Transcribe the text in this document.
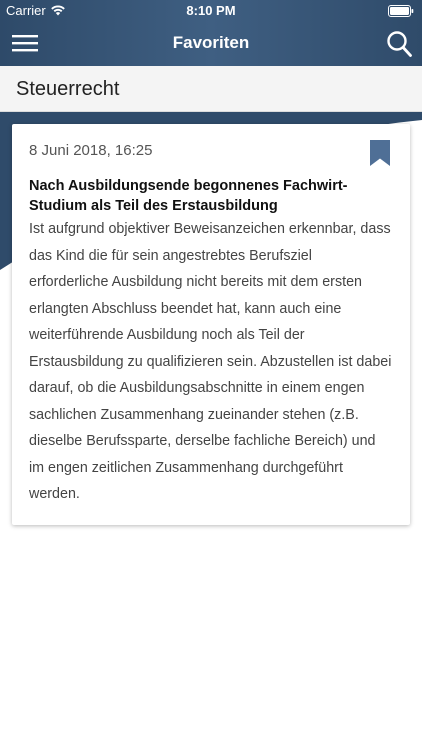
Carrier	8:10 PM
Favoriten
Steuerrecht
8 Juni 2018, 16:25
Nach Ausbildungsende begonnenes Fachwirt-Studium als Teil des Erstausbildung
Ist aufgrund objektiver Beweisanzeichen erkennbar, dass das Kind die für sein angestrebtes Berufsziel erforderliche Ausbildung nicht bereits mit dem ersten erlangten Abschluss beendet hat, kann auch eine weiterführende Ausbildung noch als Teil der Erstausbildung zu qualifizieren sein. Abzustellen ist dabei darauf, ob die Ausbildungsabschnitte in einem engen sachlichen Zusammenhang zueinander stehen (z.B. dieselbe Berufssparte, derselbe fachliche Bereich) und im engen zeitlichen Zusammenhang durchgeführt werden.
